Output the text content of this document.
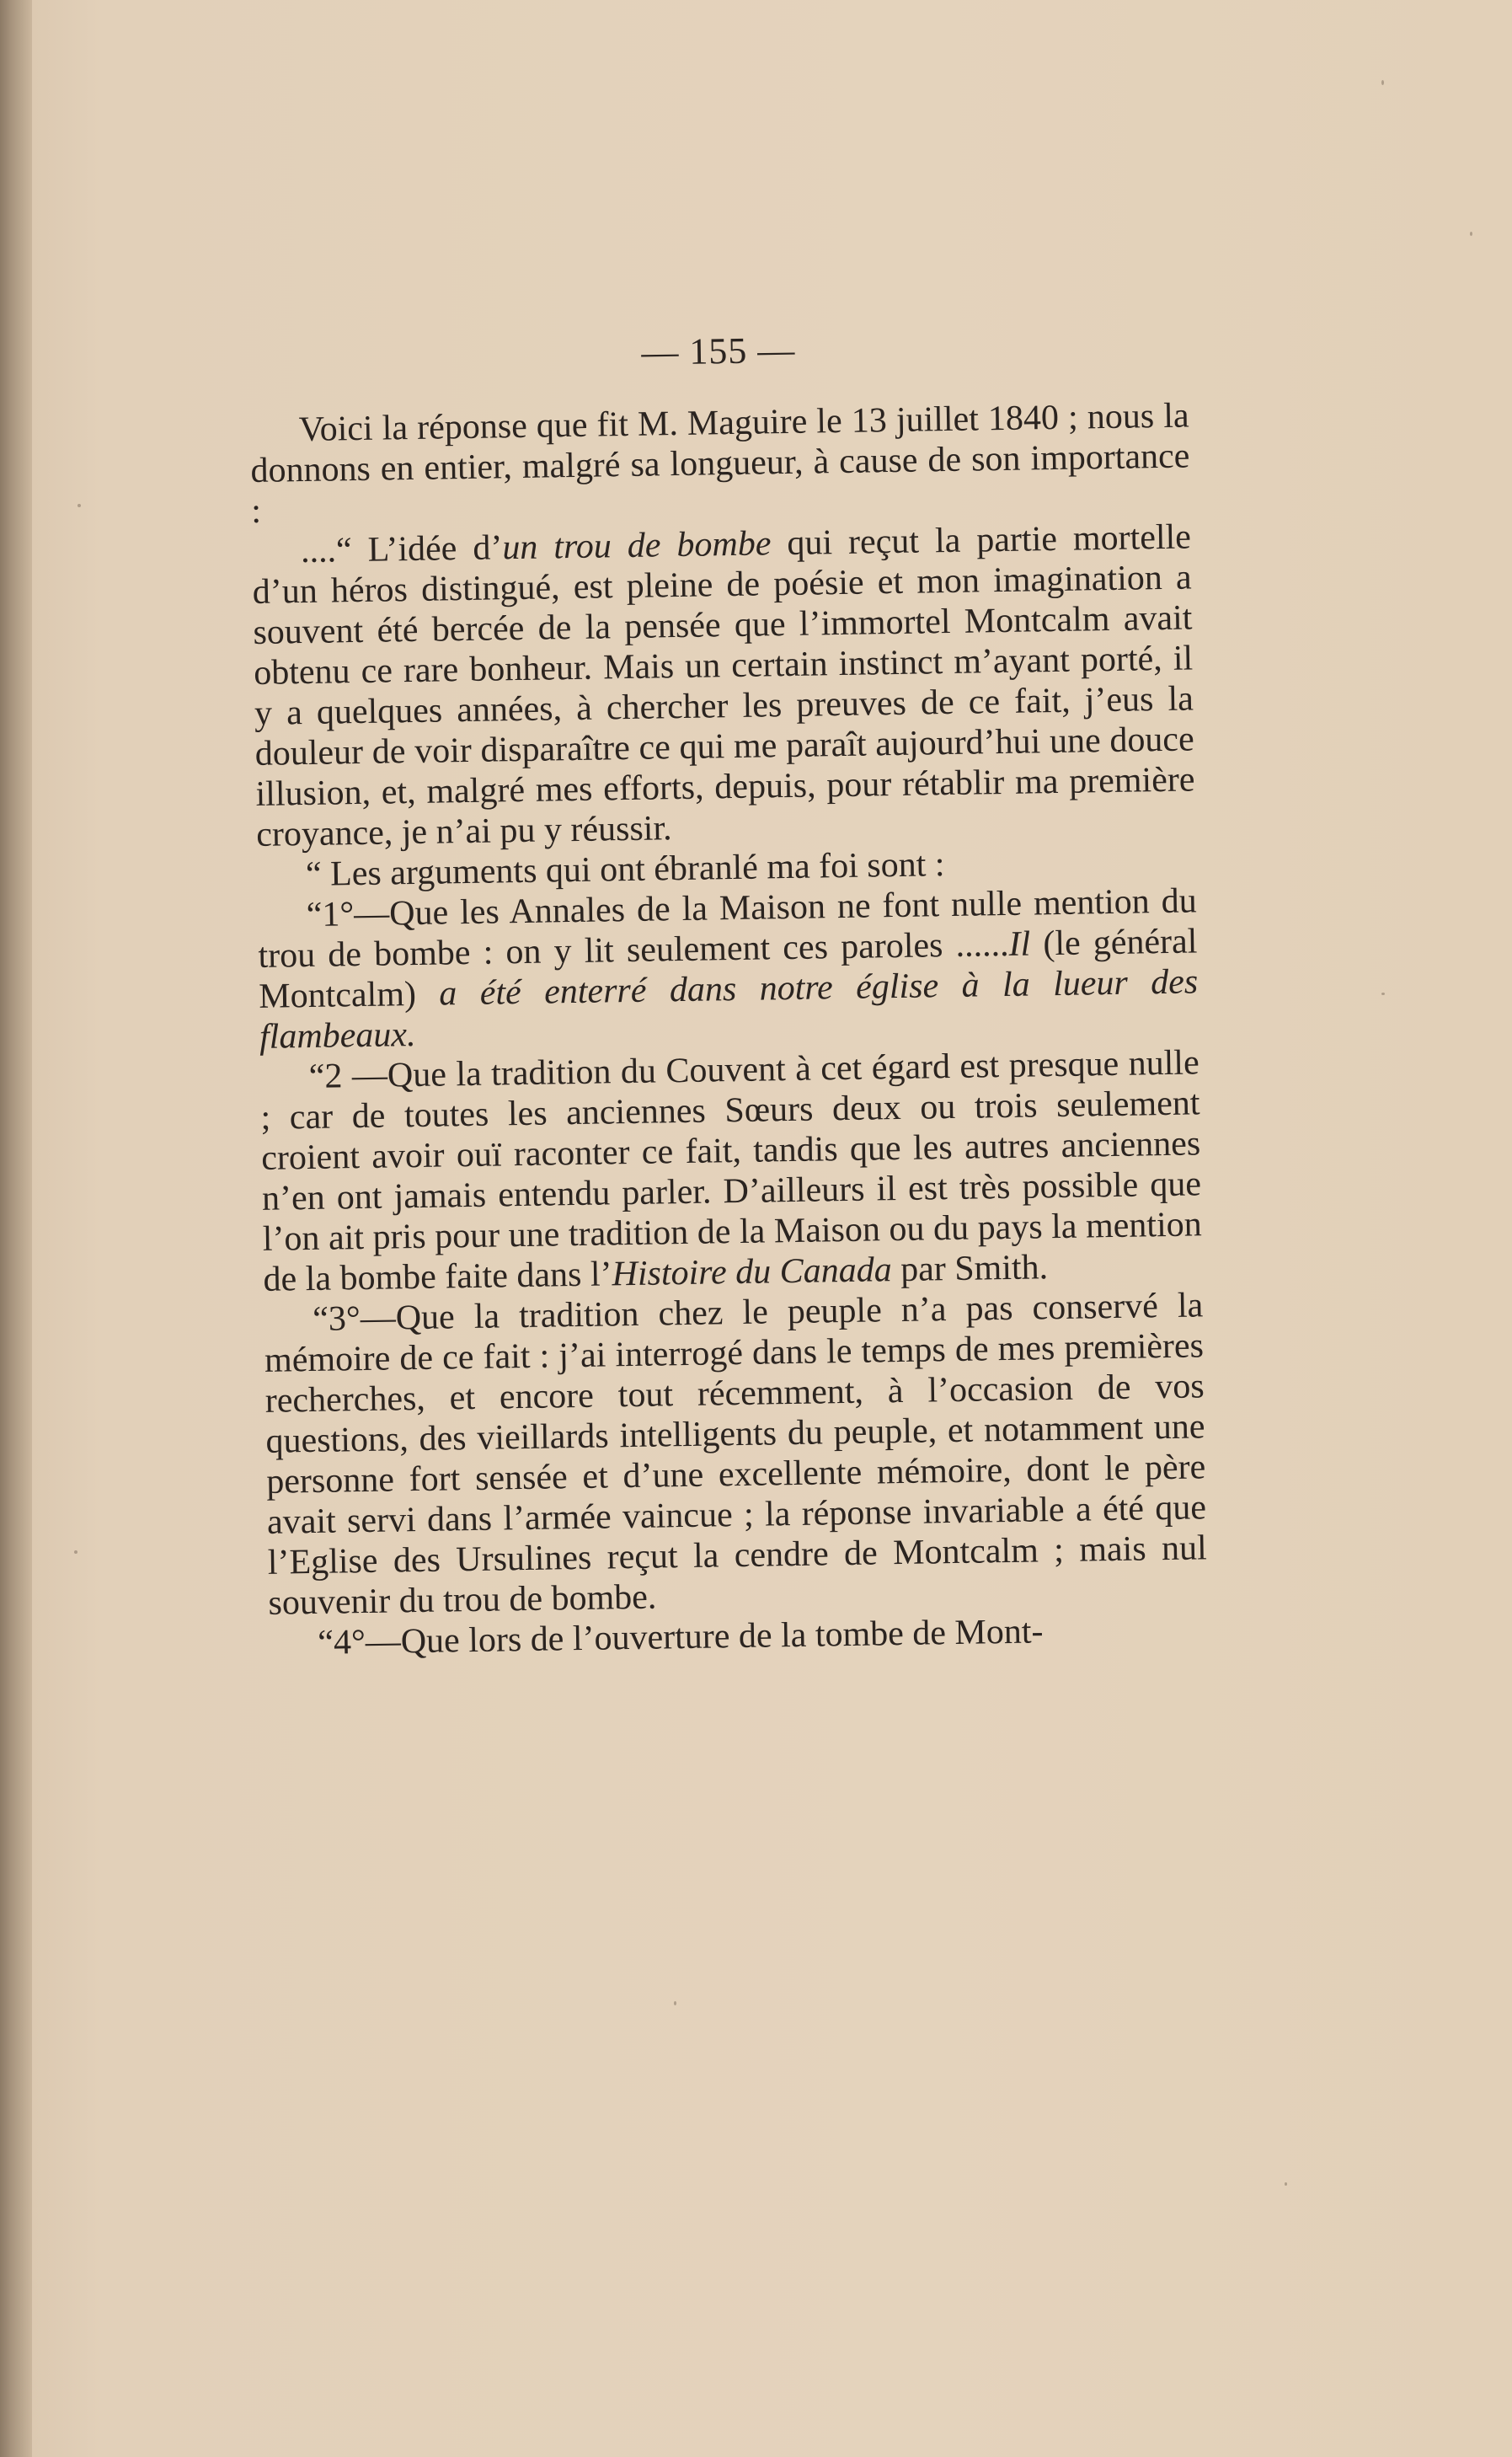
— 155 —

Voici la réponse que fit M. Maguire le 13 juillet 1840 ; nous la donnons en entier, malgré sa longueur, à cause de son importance :

....“ L’idée d’un trou de bombe qui reçut la partie mortelle d’un héros distingué, est pleine de poésie et mon imagination a souvent été bercée de la pensée que l’immortel Montcalm avait obtenu ce rare bonheur. Mais un certain instinct m’ayant porté, il y a quelques années, à chercher les preuves de ce fait, j’eus la douleur de voir disparaître ce qui me paraît aujourd’hui une douce illusion, et, malgré mes efforts, depuis, pour rétablir ma première croyance, je n’ai pu y réussir.

“ Les arguments qui ont ébranlé ma foi sont :

“1°—Que les Annales de la Maison ne font nulle mention du trou de bombe : on y lit seulement ces paroles ......Il (le général Montcalm) a été enterré dans notre église à la lueur des flambeaux.

“2 —Que la tradition du Couvent à cet égard est presque nulle ; car de toutes les anciennes Sœurs deux ou trois seulement croient avoir ouï raconter ce fait, tandis que les autres anciennes n’en ont jamais entendu parler. D’ailleurs il est très possible que l’on ait pris pour une tradition de la Maison ou du pays la mention de la bombe faite dans l’Histoire du Canada par Smith.

“3°—Que la tradition chez le peuple n’a pas conservé la mémoire de ce fait : j’ai interrogé dans le temps de mes premières recherches, et encore tout récemment, à l’occasion de vos questions, des vieillards intelligents du peuple, et notamment une personne fort sensée et d’une excellente mémoire, dont le père avait servi dans l’armée vaincue ; la réponse invariable a été que l’Eglise des Ursulines reçut la cendre de Montcalm ; mais nul souvenir du trou de bombe.

“4°—Que lors de l’ouverture de la tombe de Mont-
